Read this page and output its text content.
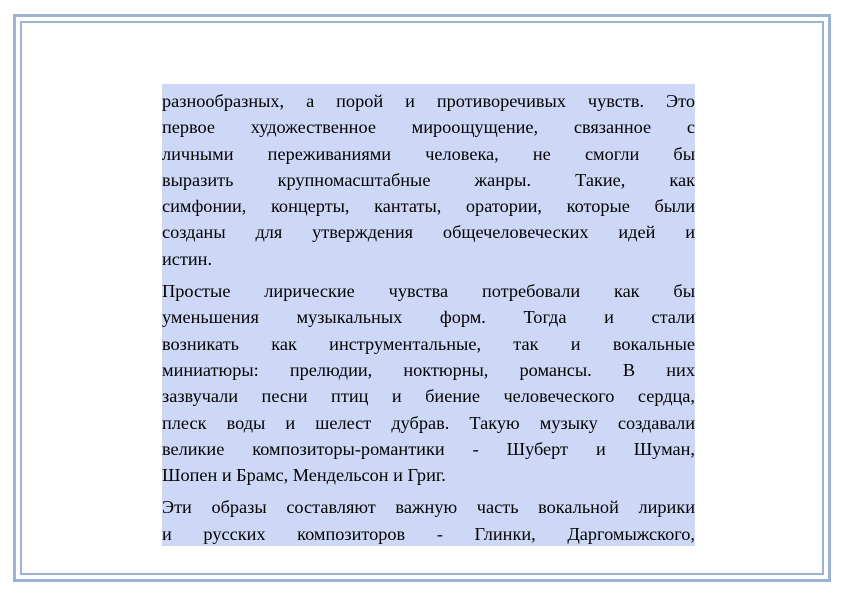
разнообразных, а порой и противоречивых чувств. Это
первое художественное мироощущение, связанное с
личными переживаниями человека, не смогли бы
выразить крупномасштабные жанры. Такие, как
симфонии, концерты, кантаты, оратории, которые были
созданы для утверждения общечеловеческих идей и
истин.

Простые лирические чувства потребовали как бы
уменьшения музыкальных форм. Тогда и стали
возникать как инструментальные, так и вокальные
миниатюры: прелюдии, ноктюрны, романсы. В них
зазвучали песни птиц и биение человеческого сердца,
плеск воды и шелест дубрав. Такую музыку создавали
великие композиторы-романтики - Шуберт и Шуман,
Шопен и Брамс, Мендельсон и Григ.

Эти образы составляют важную часть вокальной лирики
и русских композиторов - Глинки, Даргомыжского,
